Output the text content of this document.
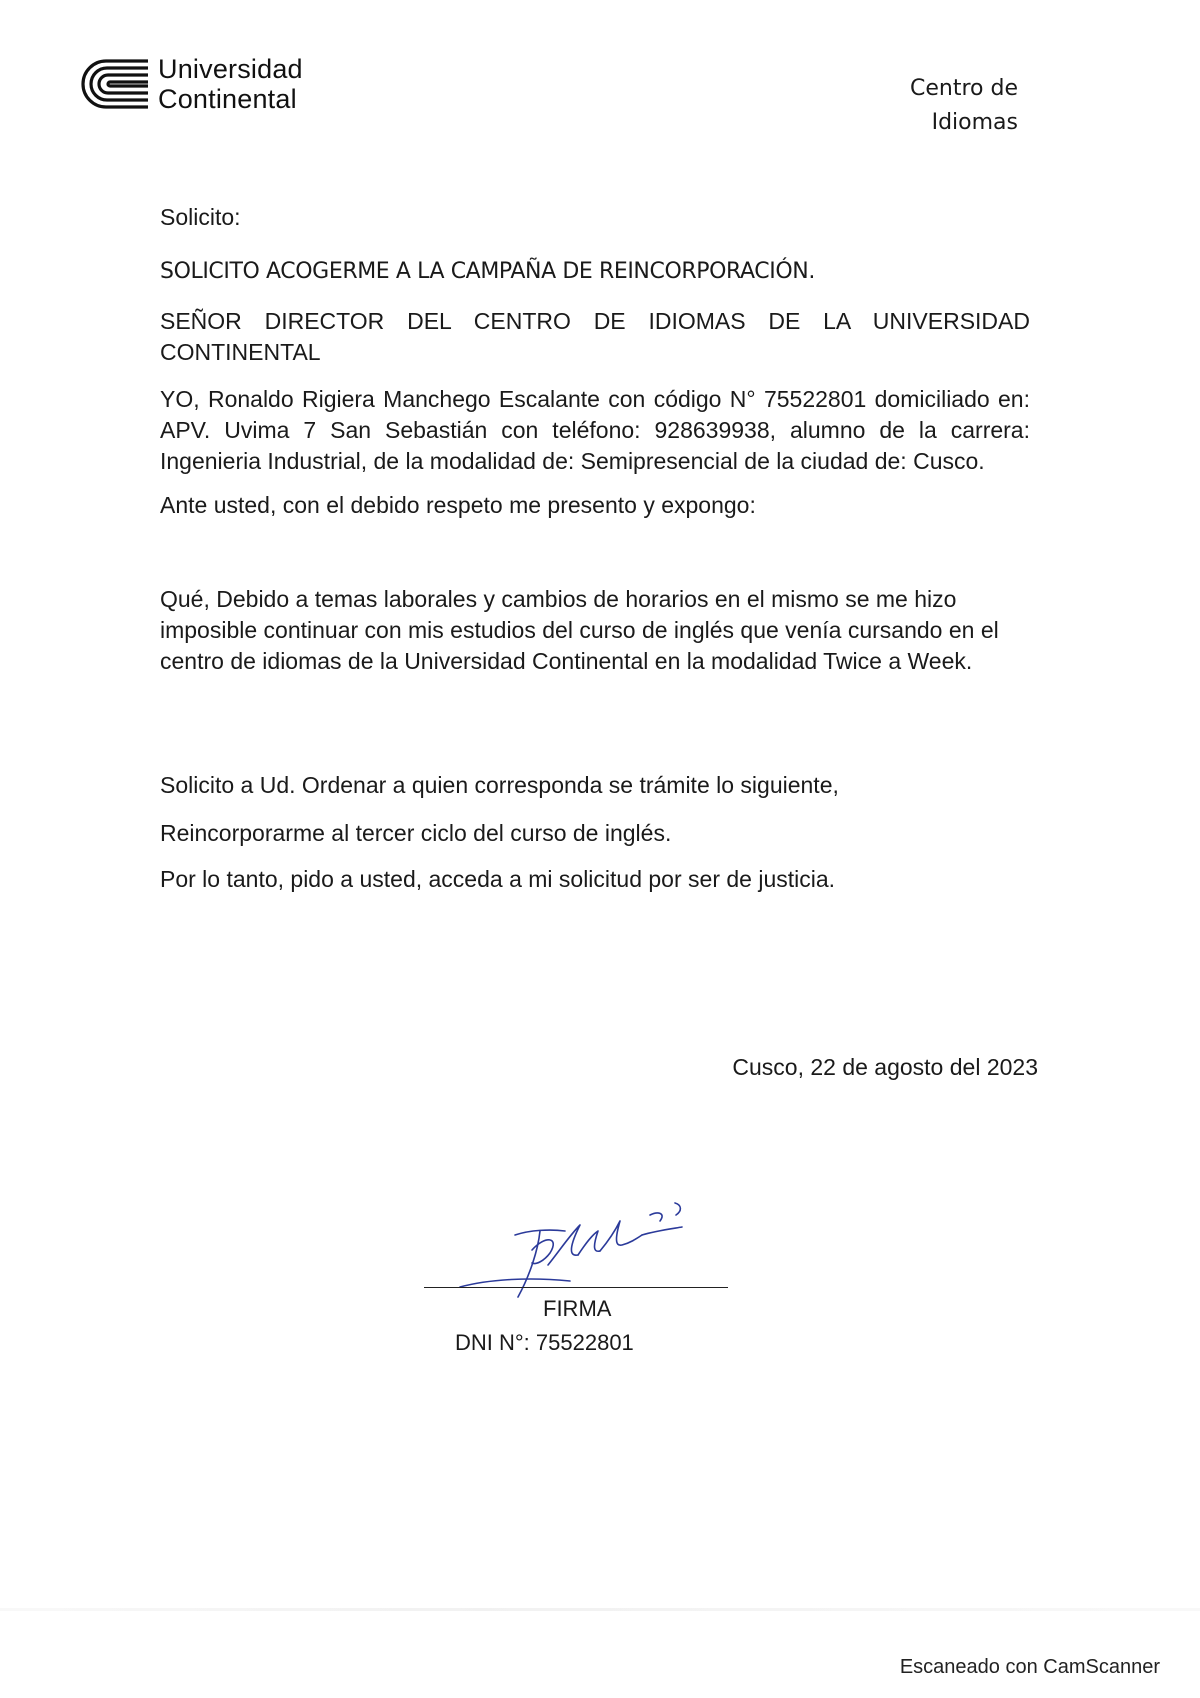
Universidad
Continental	Centro de
Idiomas

Solicito:

SOLICITO ACOGERME A LA CAMPAÑA DE REINCORPORACIÓN.

SEÑOR DIRECTOR DEL CENTRO DE IDIOMAS DE LA UNIVERSIDAD CONTINENTAL

YO, Ronaldo Rigiera Manchego Escalante con código N° 75522801 domiciliado en: APV. Uvima 7 San Sebastián con teléfono: 928639938, alumno de la carrera: Ingenieria Industrial, de la modalidad de: Semipresencial de la ciudad de: Cusco.

Ante usted, con el debido respeto me presento y expongo:

Qué, Debido a temas laborales y cambios de horarios en el mismo se me hizo imposible continuar con mis estudios del curso de inglés que venía cursando en el centro de idiomas de la Universidad Continental en la modalidad Twice a Week.

Solicito a Ud. Ordenar a quien corresponda se trámite lo siguiente,

Reincorporarme al tercer ciclo del curso de inglés.

Por lo tanto, pido a usted, acceda a mi solicitud por ser de justicia.

Cusco, 22 de agosto del 2023
FIRMA
DNI N°: 75522801
Escaneado con CamScanner
